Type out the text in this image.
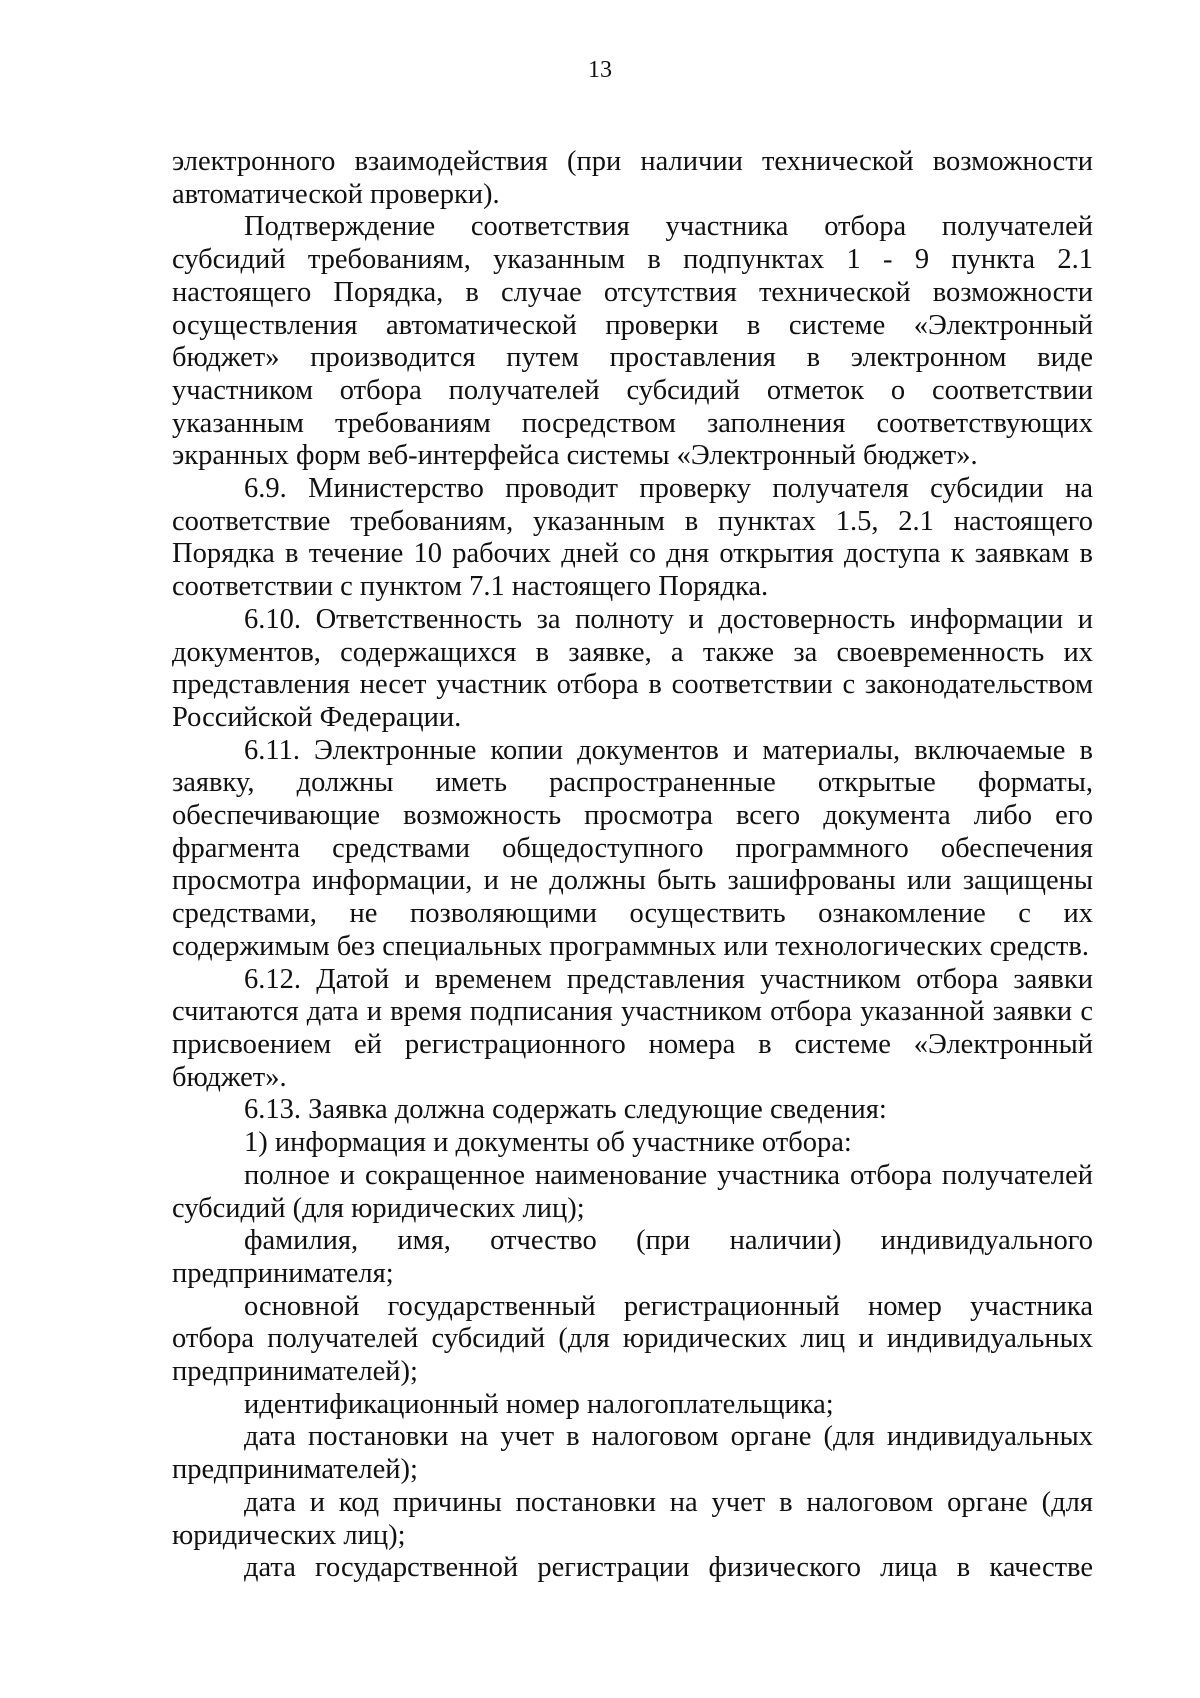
13

электронного взаимодействия (при наличии технической возможности автоматической проверки).

Подтверждение соответствия участника отбора получателей субсидий требованиям, указанным в подпунктах 1 - 9 пункта 2.1 настоящего Порядка, в случае отсутствия технической возможности осуществления автоматической проверки в системе «Электронный бюджет» производится путем проставления в электронном виде участником отбора получателей субсидий отметок о соответствии указанным требованиям посредством заполнения соответствующих экранных форм веб-интерфейса системы «Электронный бюджет».

6.9. Министерство проводит проверку получателя субсидии на соответствие требованиям, указанным в пунктах 1.5, 2.1 настоящего Порядка в течение 10 рабочих дней со дня открытия доступа к заявкам в соответствии с пунктом 7.1 настоящего Порядка.

6.10. Ответственность за полноту и достоверность информации и документов, содержащихся в заявке, а также за своевременность их представления несет участник отбора в соответствии с законодательством Российской Федерации.

6.11. Электронные копии документов и материалы, включаемые в заявку, должны иметь распространенные открытые форматы, обеспечивающие возможность просмотра всего документа либо его фрагмента средствами общедоступного программного обеспечения просмотра информации, и не должны быть зашифрованы или защищены средствами, не позволяющими осуществить ознакомление с их содержимым без специальных программных или технологических средств.

6.12. Датой и временем представления участником отбора заявки считаются дата и время подписания участником отбора указанной заявки с присвоением ей регистрационного номера в системе «Электронный бюджет».

6.13. Заявка должна содержать следующие сведения:

1) информация и документы об участнике отбора:

полное и сокращенное наименование участника отбора получателей субсидий (для юридических лиц);

фамилия, имя, отчество (при наличии) индивидуального предпринимателя;

основной государственный регистрационный номер участника отбора получателей субсидий (для юридических лиц и индивидуальных предпринимателей);

идентификационный номер налогоплательщика;

дата постановки на учет в налоговом органе (для индивидуальных предпринимателей);

дата и код причины постановки на учет в налоговом органе (для юридических лиц);

дата государственной регистрации физического лица в качестве
